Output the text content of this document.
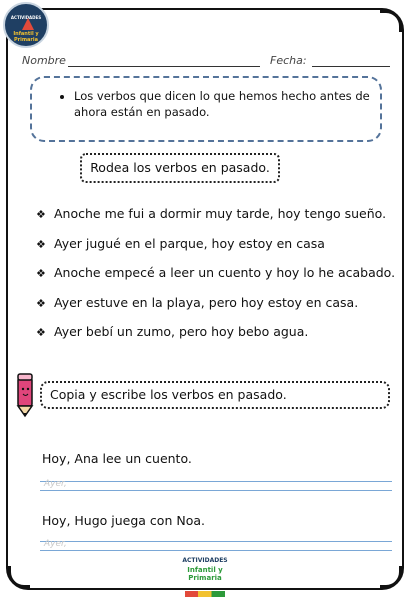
ACTIVIDADES
Infantil y Primaria
Nombre	Fecha:
Los verbos que dicen lo que hemos hecho antes de ahora están en pasado.
Rodea los verbos en pasado.
❖ Anoche me fui a dormir muy tarde, hoy tengo sueño.
❖ Ayer jugué en el parque, hoy estoy en casa
❖ Anoche empecé a leer un cuento y hoy lo he acabado.
❖ Ayer estuve en la playa, pero hoy estoy en casa.
❖ Ayer bebí un zumo, pero hoy bebo agua.
Copia y escribe los verbos en pasado.
Hoy, Ana lee un cuento.
Ayer,
Hoy, Hugo juega con Noa.
Ayer,
ACTIVIDADES
Infantil y Primaria
